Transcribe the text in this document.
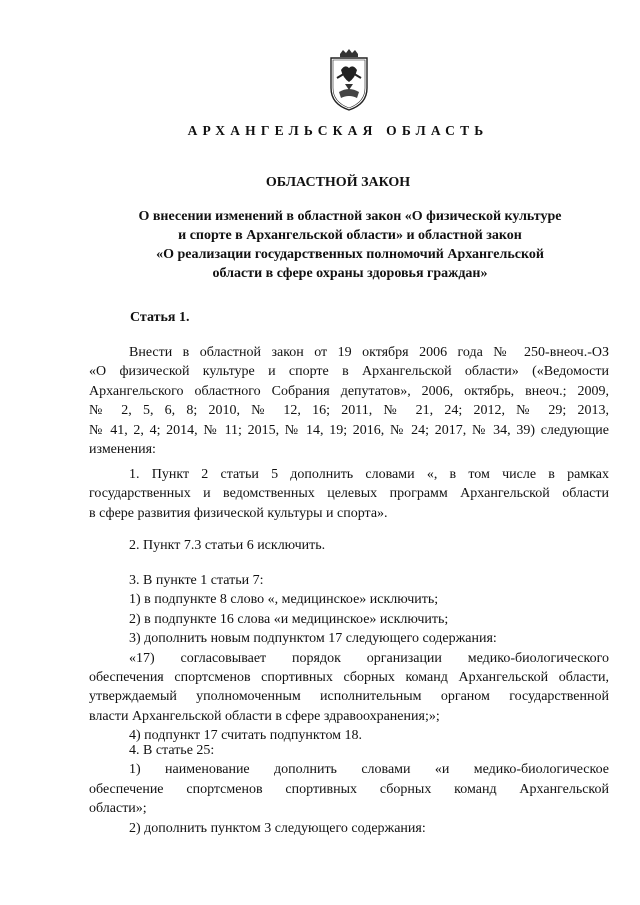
АРХАНГЕЛЬСКАЯ ОБЛАСТЬ
ОБЛАСТНОЙ ЗАКОН
О внесении изменений в областной закон «О физической культуре
и спорте в Архангельской области» и областной закон
«О реализации государственных полномочий Архангельской
области в сфере охраны здоровья граждан»
Статья 1.
Внести в областной закон от 19 октября 2006 года № 250-внеоч.-ОЗ
«О физической культуре и спорте в Архангельской области» («Ведомости
Архангельского областного Собрания депутатов», 2006, октябрь, внеоч.; 2009,
№ 2, 5, 6, 8; 2010, № 12, 16; 2011, № 21, 24; 2012, № 29; 2013,
№ 41, 2, 4; 2014, № 11; 2015, № 14, 19; 2016, № 24; 2017, № 34, 39) следующие
изменения:
1. Пункт 2 статьи 5 дополнить словами «, в том числе в рамках
государственных и ведомственных целевых программ Архангельской области
в сфере развития физической культуры и спорта».
2. Пункт 7.3 статьи 6 исключить.
3. В пункте 1 статьи 7:
1) в подпункте 8 слово «, медицинское» исключить;
2) в подпункте 16 слова «и медицинское» исключить;
3) дополнить новым подпунктом 17 следующего содержания:
«17) согласовывает порядок организации медико-биологического
обеспечения спортсменов спортивных сборных команд Архангельской области,
утверждаемый уполномоченным исполнительным органом государственной
власти Архангельской области в сфере здравоохранения;»;
4) подпункт 17 считать подпунктом 18.
4. В статье 25:
1) наименование дополнить словами «и медико-биологическое
обеспечение спортсменов спортивных сборных команд Архангельской
области»;
2) дополнить пунктом 3 следующего содержания:
